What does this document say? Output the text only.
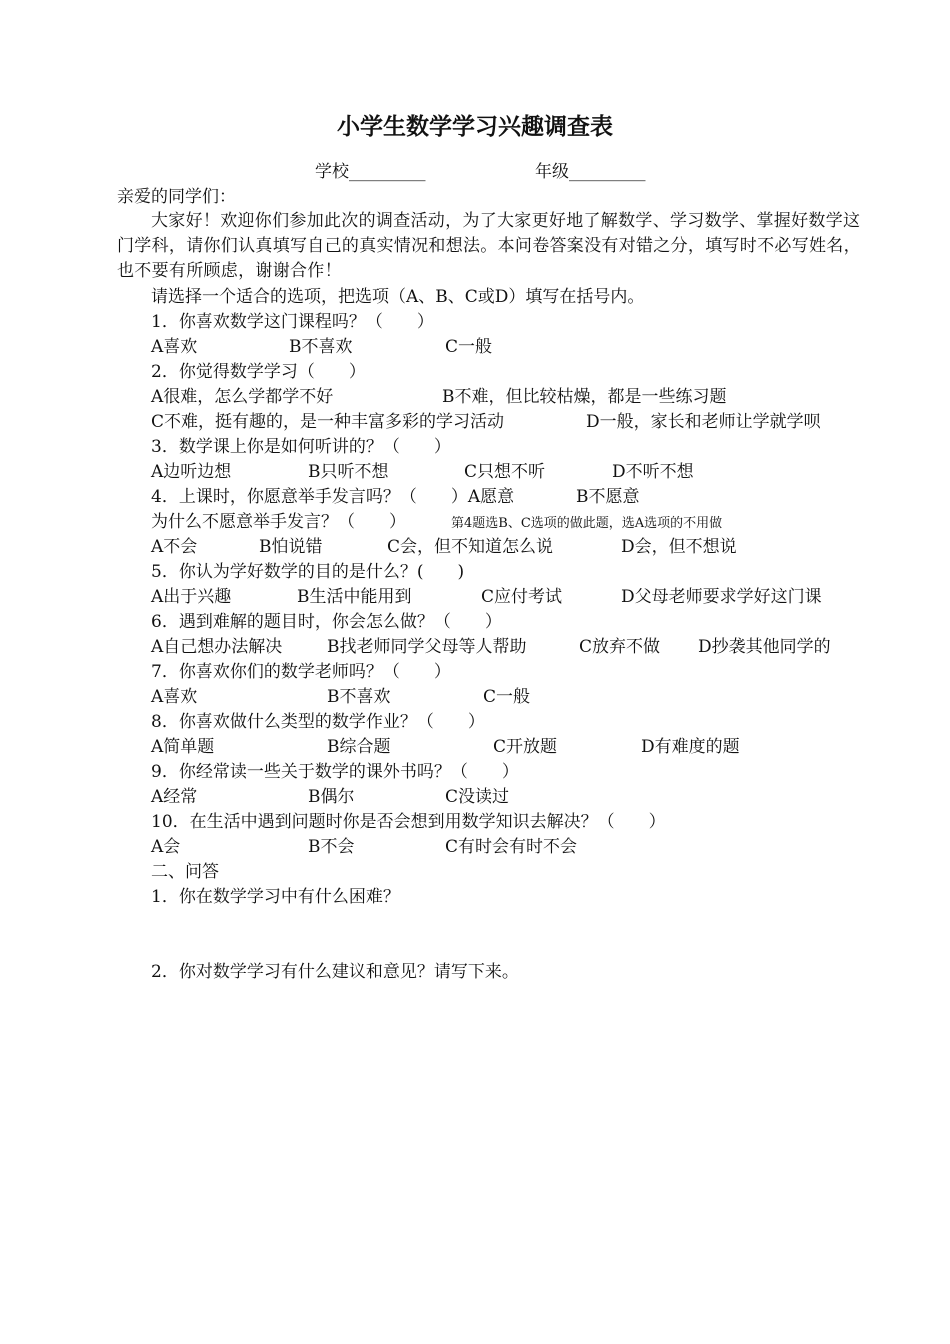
小学生数学学习兴趣调查表
学校_________	年级_________
亲爱的同学们：
大家好！欢迎你们参加此次的调查活动，为了大家更好地了解数学、学习数学、掌握好数学这门学科，请你们认真填写自己的真实情况和想法。本问卷答案没有对错之分，填写时不必写姓名，也不要有所顾虑，谢谢合作！
请选择一个适合的选项，把选项（A、B、C或D）填写在括号内。
1．你喜欢数学这门课程吗？（　　）
A喜欢	B不喜欢	C一般
2．你觉得数学学习（　　）
A很难，怎么学都学不好	B不难，但比较枯燥，都是一些练习题
C不难，挺有趣的，是一种丰富多彩的学习活动	D一般，家长和老师让学就学呗
3．数学课上你是如何听讲的？（　　）
A边听边想	B只听不想	C只想不听	D不听不想
4．上课时，你愿意举手发言吗？（　　）A愿意	B不愿意
为什么不愿意举手发言？（　　）	第4题选B、C选项的做此题，选A选项的不用做
A不会	B怕说错	C会，但不知道怎么说	D会，但不想说
5．你认为学好数学的目的是什么？(　　)
A出于兴趣	B生活中能用到	C应付考试	D父母老师要求学好这门课
6．遇到难解的题目时，你会怎么做？（　　）
A自己想办法解决	B找老师同学父母等人帮助	C放弃不做 D抄袭其他同学的
7．你喜欢你们的数学老师吗？（　　）
A喜欢	B不喜欢	C一般
8．你喜欢做什么类型的数学作业？（　　）
A简单题	B综合题	C开放题	D有难度的题
9．你经常读一些关于数学的课外书吗？（　　）
A经常	B偶尔	C没读过
10．在生活中遇到问题时你是否会想到用数学知识去解决？（　　）
A会	B不会	C有时会有时不会
二、问答
1．你在数学学习中有什么困难？
2．你对数学学习有什么建议和意见？请写下来。
